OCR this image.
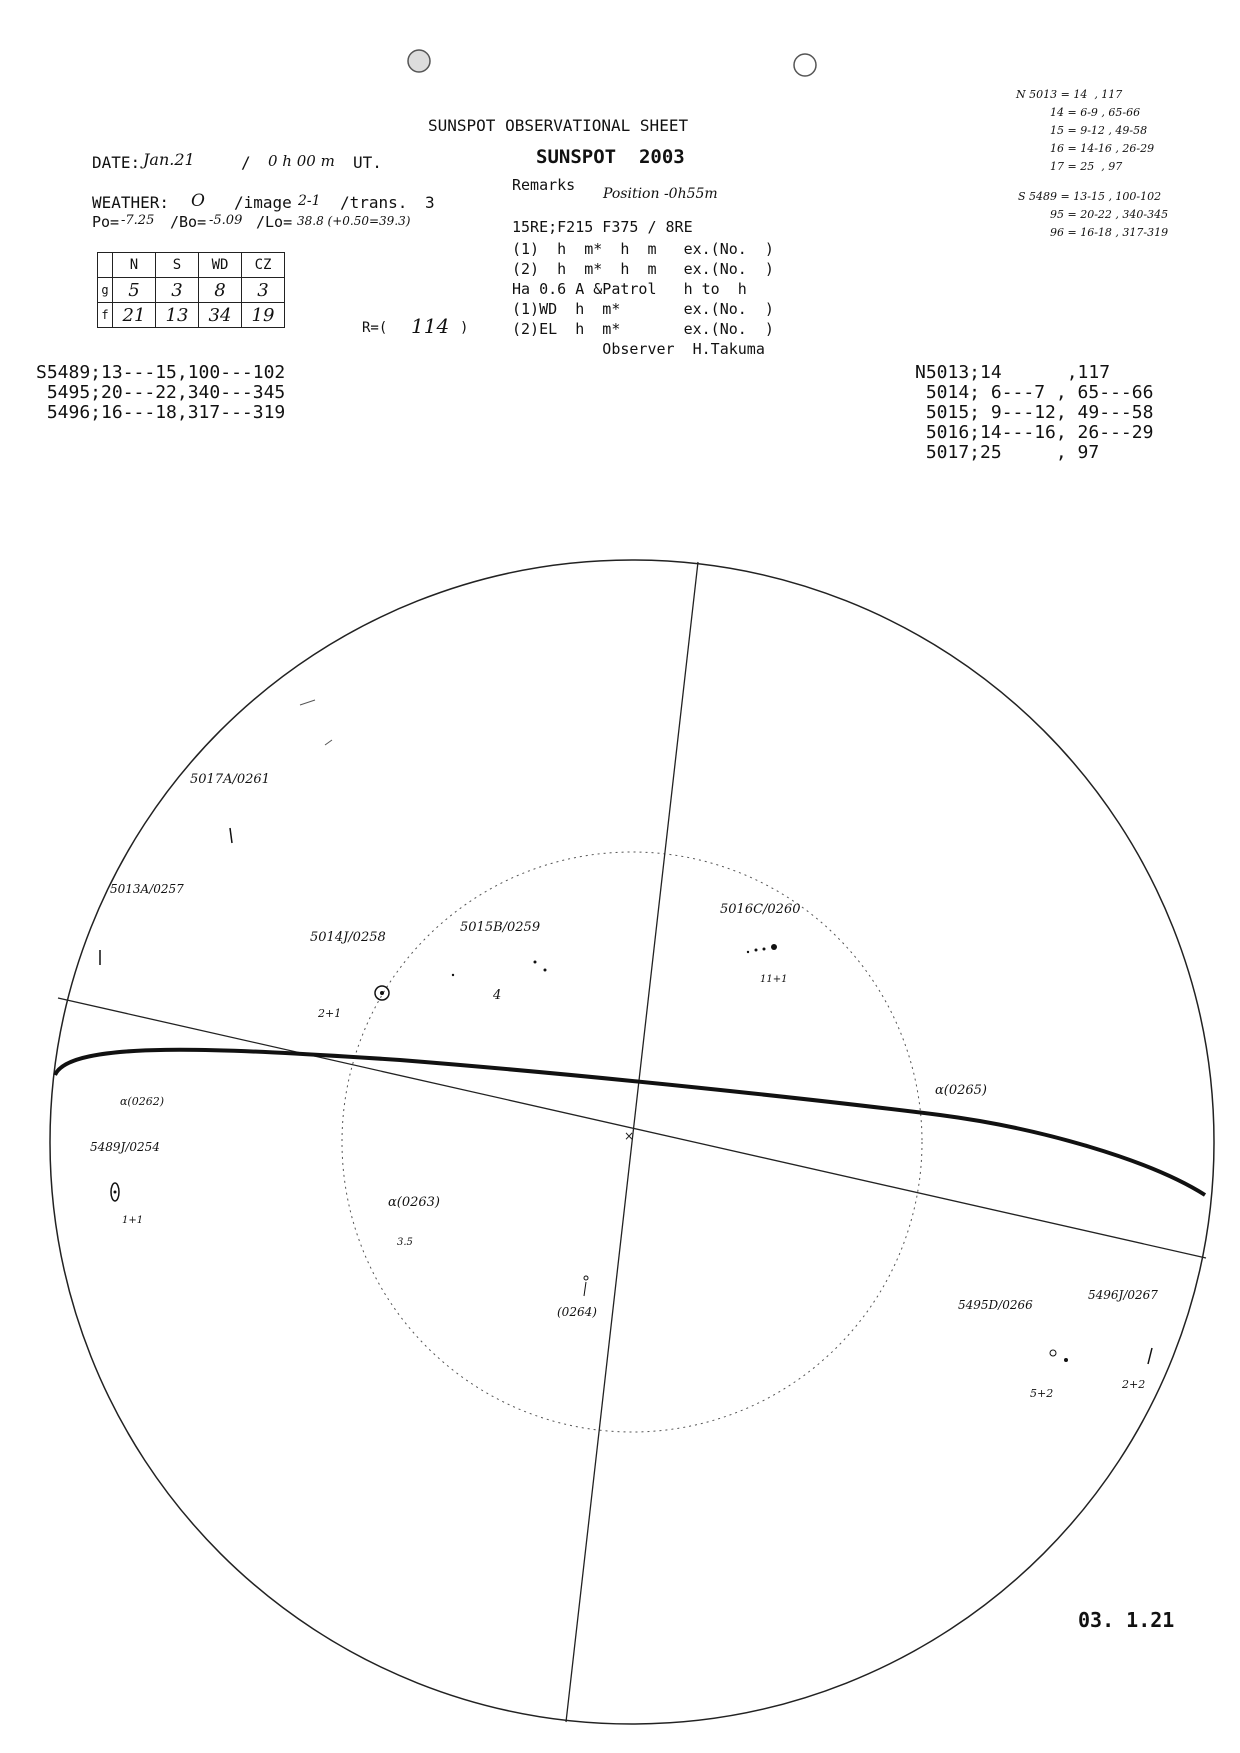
SUNSPOT OBSERVATIONAL SHEET
SUNSPOT  2003
DATE: Jan.21	/ 0 h 00 m UT.
WEATHER: O /image 2-1 /trans. 3
Po= -7.25 /Bo= -5.09 /Lo= 38.8 (+0.50=39.3)
	N	S	WD	CZ
g	5	3	8	3
f	21	13	34	19
R=( 114 )
Remarks Position -0h55m
15RE;F215 F375 / 8RE
(1)  h  m*  h  m   ex.(No.  )
(2)  h  m*  h  m   ex.(No.  )
Ha 0.6 A &Patrol   h to  h
(1)WD  h  m*       ex.(No.  )
(2)EL  h  m*       ex.(No.  )
Observer  H.Takuma
N 5013 = 14  , 117
14 = 6-9 , 65-66
15 = 9-12 , 49-58
16 = 14-16 , 26-29
17 = 25  , 97
S 5489 = 13-15 , 100-102
95 = 20-22 , 340-345
96 = 16-18 , 317-319
S5489;13---15,100---102
5495;20---22,340---345
5496;16---18,317---319
N5013;14      ,117
5014; 6---7 , 65---66
5015; 9---12, 49---58
5016;14---16, 26---29
5017;25     , 97
×
5017A/0261
5013A/0257
5014J/0258
5015B/0259
5016C/0260
α(0265)
α(0262)
5489J/0254
α(0263)
(0264)	5495D/0266
5496J/0267
2+1
4
11+1
1+1
3.5
5+2
2+2
03. 1.21
